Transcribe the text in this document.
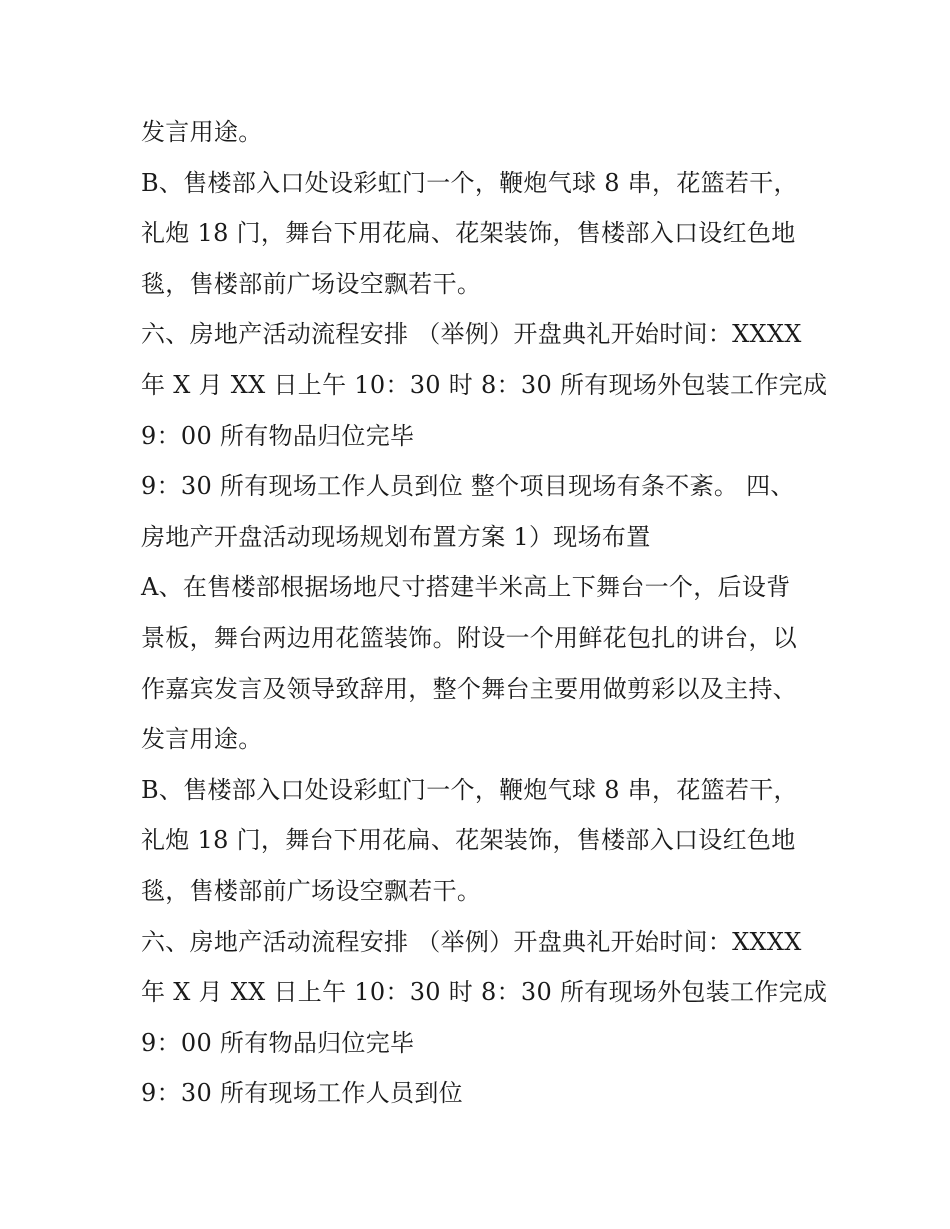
发言用途。
B、售楼部入口处设彩虹门一个，鞭炮气球 8 串，花篮若干，
礼炮 18 门，舞台下用花扁、花架装饰，售楼部入口设红色地
毯，售楼部前广场设空飘若干。
六、房地产活动流程安排 （举例）开盘典礼开始时间：XXXX
年 X 月 XX 日上午 10：30 时 8：30 所有现场外包装工作完成
9：00 所有物品归位完毕
9：30 所有现场工作人员到位 整个项目现场有条不紊。 四、
房地产开盘活动现场规划布置方案 1）现场布置
A、在售楼部根据场地尺寸搭建半米高上下舞台一个，后设背
景板，舞台两边用花篮装饰。附设一个用鲜花包扎的讲台，以
作嘉宾发言及领导致辞用，整个舞台主要用做剪彩以及主持、
发言用途。
B、售楼部入口处设彩虹门一个，鞭炮气球 8 串，花篮若干，
礼炮 18 门，舞台下用花扁、花架装饰，售楼部入口设红色地
毯，售楼部前广场设空飘若干。
六、房地产活动流程安排 （举例）开盘典礼开始时间：XXXX
年 X 月 XX 日上午 10：30 时 8：30 所有现场外包装工作完成
9：00 所有物品归位完毕
9：30 所有现场工作人员到位
